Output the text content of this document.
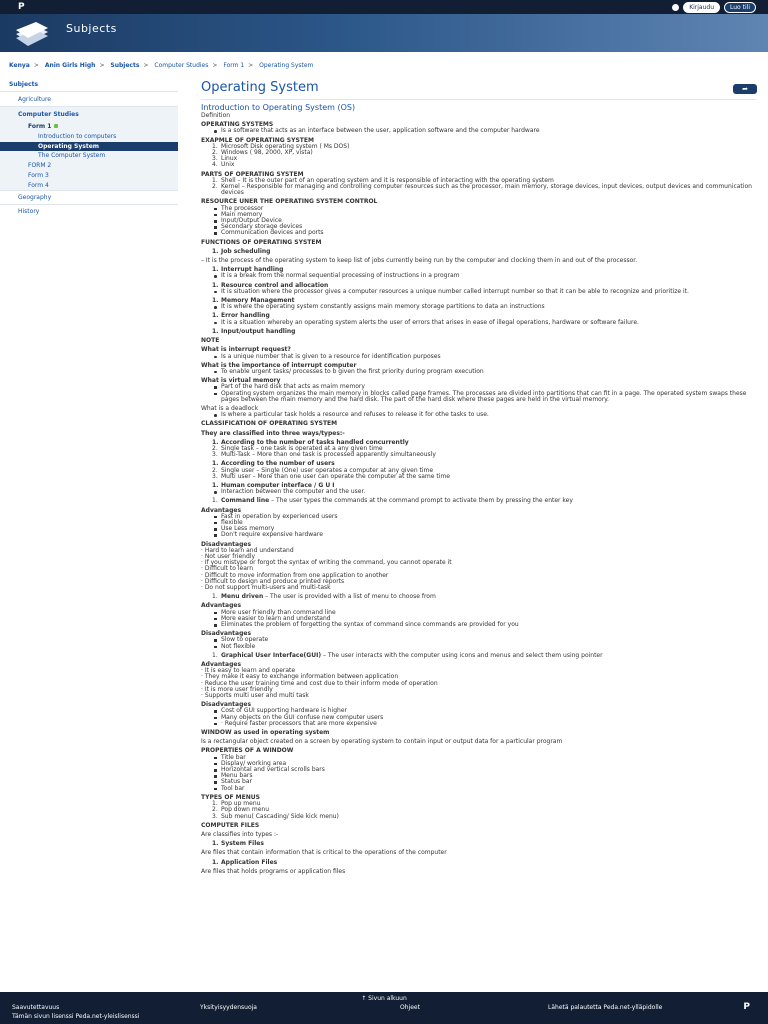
P	Kirjaudu	Luo tili
Subjects
Kenya > Anin Girls High > Subjects > Computer Studies > Form 1 > Operating System
Subjects
Agriculture
Computer Studies
Form 1
Introduction to computers
Operating System
The Computer System
FORM 2
Form 3
Form 4
Geography
History
Operating System	➦
Introduction to Operating System (OS)
Definition
OPERATING SYSTEMS
Is a software that acts as an interface between the user, application software and the computer hardware
EXAPMLE OF OPERATING SYSTEM
1. Microsoft Disk operating system ( Ms DOS)
2. Windows ( 98, 2000, XP, vista)
3. Linux
4. Unix
PARTS OF OPERATING SYSTEM
1. Shell – It is the outer part of an operating system and it is responsible of interacting with the operating system
2. Kernel – Responsible for managing and controlling computer resources such as the processor, main memory, storage devices, input devices, output devices and communication devices
RESOURCE UNER THE OPERATING SYSTEM CONTROL
The processor
Main memory
Input/Output Device
Secondary storage devices
Communication devices and ports
FUNCTIONS OF OPERATING SYSTEM
1. Job scheduling
– It is the process of the operating system to keep list of jobs currently being run by the computer and clocking them in and out of the processor.
1. Interrupt handling
It is a break from the normal sequential processing of instructions in a program
1. Resource control and allocation
It is situation where the processor gives a computer resources a unique number called interrupt number so that it can be able to recognize and prioritize it.
1. Memory Management
It is where the operating system constantly assigns main memory storage partitions to data an instructions
1. Error handling
It is a situation whereby an operating system alerts the user of errors that arises in ease of illegal operations, hardware or software failure.
1. Input/output handling
NOTE
What is interrupt request?
Is a unique number that is given to a resource for identification purposes
What is the importance of interrupt computer
To enable urgent tasks/ processes to b given the first priority during program execution
What is virtual memory
Part of the hard disk that acts as maim memory
Operating system organizes the main memory in blocks called page frames. The processes are divided into partitions that can fit in a page. The operated system swaps these pages between the main memory and the hard disk. The part of the hard disk where these pages are held in the virtual memory.
What is a deadlock
Is where a particular task holds a resource and refuses to release it for othe tasks to use.
CLASSIFICATION OF OPERATING SYSTEM
They are classified into three ways/types:-
1. According to the number of tasks handled concurrently
2. Single task – one task is operated at a any given time
3. Multi-Task – More than one task is processed apparently simultaneously
1. According to the number of users
2. Single user – Single (One) user operates a computer at any given time
3. Multi user – More than one user can operate the computer at the same time
1. Human computer interface / G U I
Interaction between the computer and the user.
1. Command line – The user types the commands at the command prompt to activate them by pressing the enter key
Advantages
Fast in operation by experienced users
flexible
Use Less memory
Don't require expensive hardware
Disadvantages
· Hard to learn and understand
· Not user friendly
· If you mistype or forgot the syntax of writing the command, you cannot operate it
· Difficult to learn
· Difficult to move information from one application to another
· Difficult to design and produce printed reports
· Do not support multi-users and multi-task
1. Menu driven – The user is provided with a list of menu to choose from
Advantages
More user friendly than command line
More easier to learn and understand
Eliminates the problem of forgetting the syntax of command since commands are provided for you
Disadvantages
Slow to operate
Not flexible
1. Graphical User Interface(GUI) – The user interacts with the computer using icons and menus and select them using pointer
Advantages
· It is easy to learn and operate
· They make it easy to exchange information between application
· Reduce the user training time and cost due to their inform mode of operation
· It is more user friendly
· Supports multi user and multi task
Disadvantages
Cost of GUI supporting hardware is higher
Many objects on the GUI confuse new computer users
· Require faster processors that are more expensive
WINDOW as used in operating system
Is a rectangular object created on a screen by operating system to contain input or output data for a particular program
PROPERTIES OF A WINDOW
Title bar
Display/ working area
Horizontal and vertical scrolls bars
Menu bars
Status bar
Tool bar
TYPES OF MENUS
1. Pop up menu
2. Pop down menu
3. Sub menu( Cascading/ Side kick menu)
COMPUTER FILES
Are classifies into types :-
1. System Files
Are files that contain information that is critical to the operations of the computer
1. Application Files
Are files that holds programs or application files
↑ Sivun alkuun
Saavutettavuus	Yksityisyydensuoja	Ohjeet	Lähetä palautetta Peda.net-ylläpidolle
Tämän sivun lisenssi Peda.net-yleislisenssi
P
